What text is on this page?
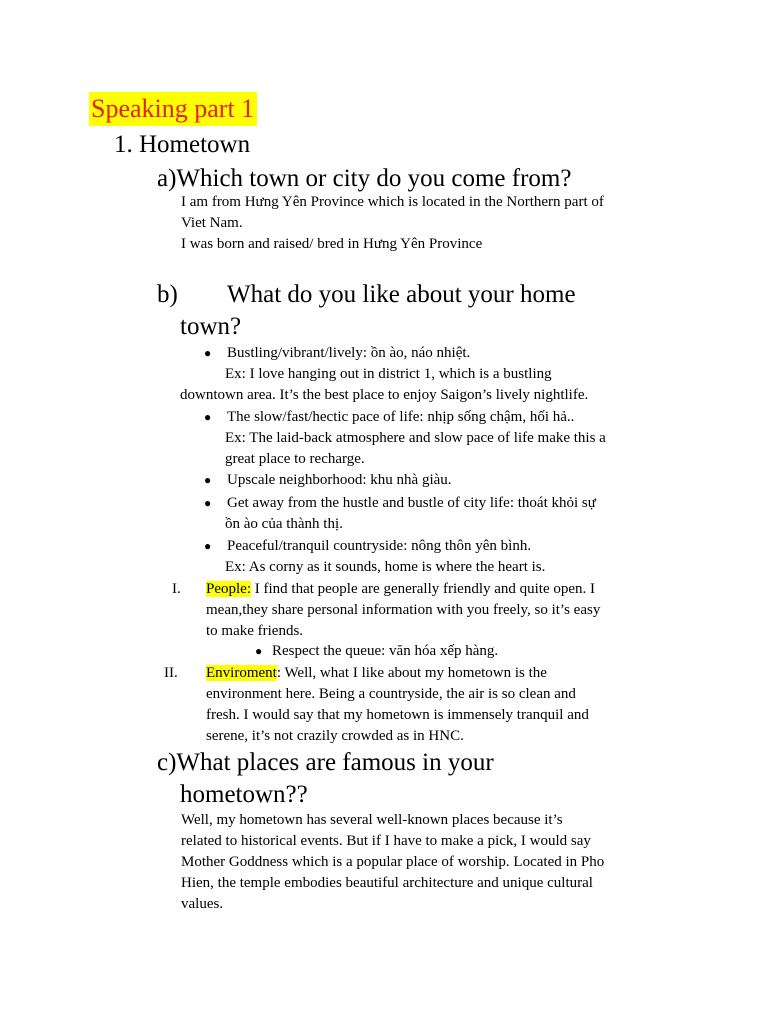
Speaking part 1
1. Hometown
a)Which town or city do you come from?
I am from Hưng Yên Province which is located in the Northern part of
Viet Nam.
I was born and raised/ bred in Hưng Yên Province
b) What do you like about your home
town?
● Bustling/vibrant/lively: ồn ào, náo nhiệt.
Ex: I love hanging out in district 1, which is a bustling
downtown area. It’s the best place to enjoy Saigon’s lively nightlife.
● The slow/fast/hectic pace of life: nhịp sống chậm, hối hả..
Ex: The laid-back atmosphere and slow pace of life make this a
great place to recharge.
● Upscale neighborhood: khu nhà giàu.
● Get away from the hustle and bustle of city life: thoát khỏi sự
ồn ào của thành thị.
● Peaceful/tranquil countryside: nông thôn yên bình.
Ex: As corny as it sounds, home is where the heart is.
I. People: I find that people are generally friendly and quite open. I
mean,they share personal information with you freely, so it’s easy
to make friends.
● Respect the queue: văn hóa xếp hàng.
II. Enviroment: Well, what I like about my hometown is the
environment here. Being a countryside, the air is so clean and
fresh. I would say that my hometown is immensely tranquil and
serene, it’s not crazily crowded as in HNC.
c)What places are famous in your
hometown??
Well, my hometown has several well-known places because it’s
related to historical events. But if I have to make a pick, I would say
Mother Goddness which is a popular place of worship. Located in Pho
Hien, the temple embodies beautiful architecture and unique cultural
values.
